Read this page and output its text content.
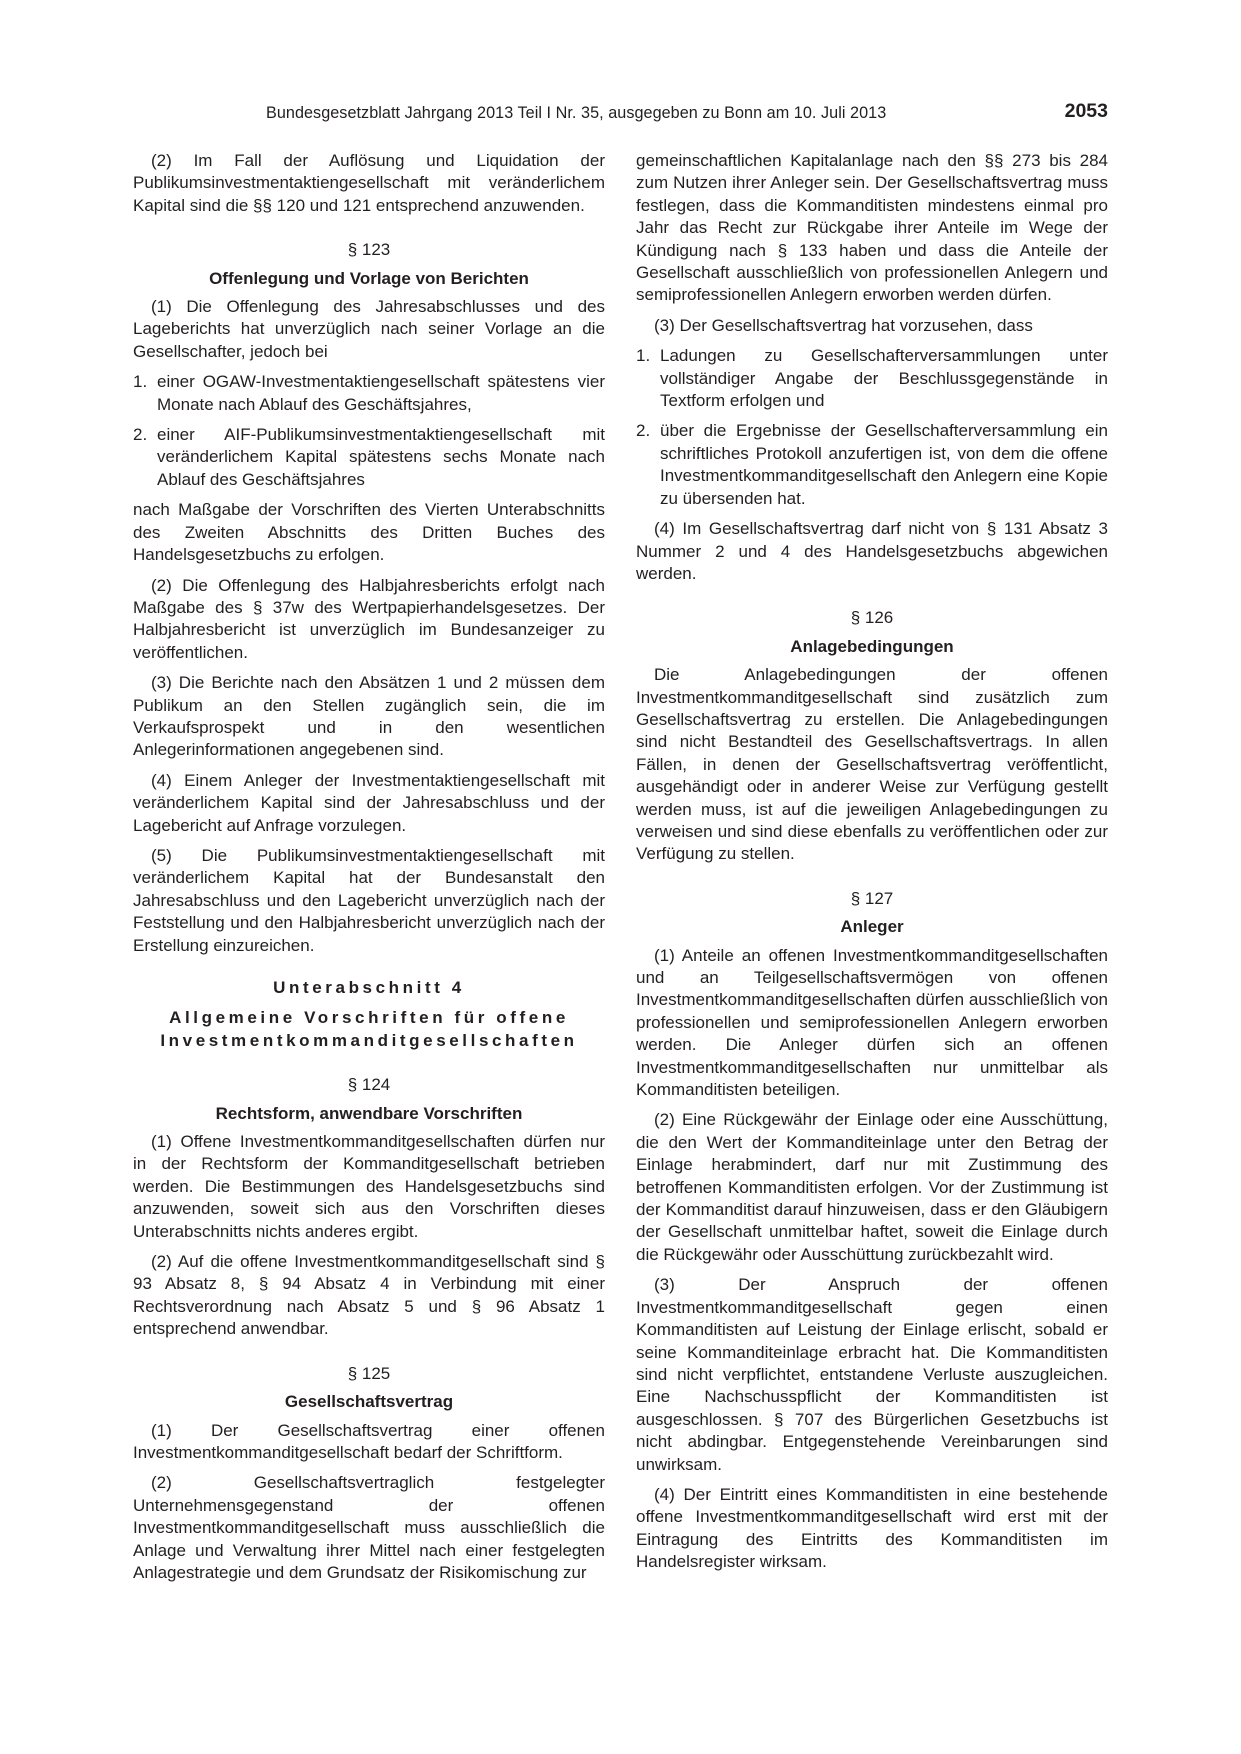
Bundesgesetzblatt Jahrgang 2013 Teil I Nr. 35, ausgegeben zu Bonn am 10. Juli 2013	2053

(2) Im Fall der Auflösung und Liquidation der Publikumsinvestmentaktiengesellschaft mit veränderlichem Kapital sind die §§ 120 und 121 entsprechend anzuwenden.

§ 123
Offenlegung und Vorlage von Berichten

(1) Die Offenlegung des Jahresabschlusses und des Lageberichts hat unverzüglich nach seiner Vorlage an die Gesellschafter, jedoch bei

1. einer OGAW-Investmentaktiengesellschaft spätestens vier Monate nach Ablauf des Geschäftsjahres,
2. einer AIF-Publikumsinvestmentaktiengesellschaft mit veränderlichem Kapital spätestens sechs Monate nach Ablauf des Geschäftsjahres

nach Maßgabe der Vorschriften des Vierten Unterabschnitts des Zweiten Abschnitts des Dritten Buches des Handelsgesetzbuchs zu erfolgen.

(2) Die Offenlegung des Halbjahresberichts erfolgt nach Maßgabe des § 37w des Wertpapierhandelsgesetzes. Der Halbjahresbericht ist unverzüglich im Bundesanzeiger zu veröffentlichen.

(3) Die Berichte nach den Absätzen 1 und 2 müssen dem Publikum an den Stellen zugänglich sein, die im Verkaufsprospekt und in den wesentlichen Anlegerinformationen angegebenen sind.

(4) Einem Anleger der Investmentaktiengesellschaft mit veränderlichem Kapital sind der Jahresabschluss und der Lagebericht auf Anfrage vorzulegen.

(5) Die Publikumsinvestmentaktiengesellschaft mit veränderlichem Kapital hat der Bundesanstalt den Jahresabschluss und den Lagebericht unverzüglich nach der Feststellung und den Halbjahresbericht unverzüglich nach der Erstellung einzureichen.

Unterabschnitt 4
Allgemeine Vorschriften für offene
Investmentkommanditgesellschaften
§ 124
Rechtsform, anwendbare Vorschriften

(1) Offene Investmentkommanditgesellschaften dürfen nur in der Rechtsform der Kommanditgesellschaft betrieben werden. Die Bestimmungen des Handelsgesetzbuchs sind anzuwenden, soweit sich aus den Vorschriften dieses Unterabschnitts nichts anderes ergibt.

(2) Auf die offene Investmentkommanditgesellschaft sind § 93 Absatz 8, § 94 Absatz 4 in Verbindung mit einer Rechtsverordnung nach Absatz 5 und § 96 Absatz 1 entsprechend anwendbar.

§ 125
Gesellschaftsvertrag

(1) Der Gesellschaftsvertrag einer offenen Investmentkommanditgesellschaft bedarf der Schriftform.

(2) Gesellschaftsvertraglich festgelegter Unternehmensgegenstand der offenen Investmentkommanditgesellschaft muss ausschließlich die Anlage und Verwaltung ihrer Mittel nach einer festgelegten Anlagestrategie und dem Grundsatz der Risikomischung zur

gemeinschaftlichen Kapitalanlage nach den §§ 273 bis 284 zum Nutzen ihrer Anleger sein. Der Gesellschaftsvertrag muss festlegen, dass die Kommanditisten mindestens einmal pro Jahr das Recht zur Rückgabe ihrer Anteile im Wege der Kündigung nach § 133 haben und dass die Anteile der Gesellschaft ausschließlich von professionellen Anlegern und semiprofessionellen Anlegern erworben werden dürfen.

(3) Der Gesellschaftsvertrag hat vorzusehen, dass

1. Ladungen zu Gesellschafterversammlungen unter vollständiger Angabe der Beschlussgegenstände in Textform erfolgen und
2. über die Ergebnisse der Gesellschafterversammlung ein schriftliches Protokoll anzufertigen ist, von dem die offene Investmentkommanditgesellschaft den Anlegern eine Kopie zu übersenden hat.

(4) Im Gesellschaftsvertrag darf nicht von § 131 Absatz 3 Nummer 2 und 4 des Handelsgesetzbuchs abgewichen werden.

§ 126
Anlagebedingungen

Die Anlagebedingungen der offenen Investmentkommanditgesellschaft sind zusätzlich zum Gesellschaftsvertrag zu erstellen. Die Anlagebedingungen sind nicht Bestandteil des Gesellschaftsvertrags. In allen Fällen, in denen der Gesellschaftsvertrag veröffentlicht, ausgehändigt oder in anderer Weise zur Verfügung gestellt werden muss, ist auf die jeweiligen Anlagebedingungen zu verweisen und sind diese ebenfalls zu veröffentlichen oder zur Verfügung zu stellen.

§ 127
Anleger

(1) Anteile an offenen Investmentkommanditgesellschaften und an Teilgesellschaftsvermögen von offenen Investmentkommanditgesellschaften dürfen ausschließlich von professionellen und semiprofessionellen Anlegern erworben werden. Die Anleger dürfen sich an offenen Investmentkommanditgesellschaften nur unmittelbar als Kommanditisten beteiligen.

(2) Eine Rückgewähr der Einlage oder eine Ausschüttung, die den Wert der Kommanditeinlage unter den Betrag der Einlage herabmindert, darf nur mit Zustimmung des betroffenen Kommanditisten erfolgen. Vor der Zustimmung ist der Kommanditist darauf hinzuweisen, dass er den Gläubigern der Gesellschaft unmittelbar haftet, soweit die Einlage durch die Rückgewähr oder Ausschüttung zurückbezahlt wird.

(3) Der Anspruch der offenen Investmentkommanditgesellschaft gegen einen Kommanditisten auf Leistung der Einlage erlischt, sobald er seine Kommanditeinlage erbracht hat. Die Kommanditisten sind nicht verpflichtet, entstandene Verluste auszugleichen. Eine Nachschusspflicht der Kommanditisten ist ausgeschlossen. § 707 des Bürgerlichen Gesetzbuchs ist nicht abdingbar. Entgegenstehende Vereinbarungen sind unwirksam.

(4) Der Eintritt eines Kommanditisten in eine bestehende offene Investmentkommanditgesellschaft wird erst mit der Eintragung des Eintritts des Kommanditisten im Handelsregister wirksam.
